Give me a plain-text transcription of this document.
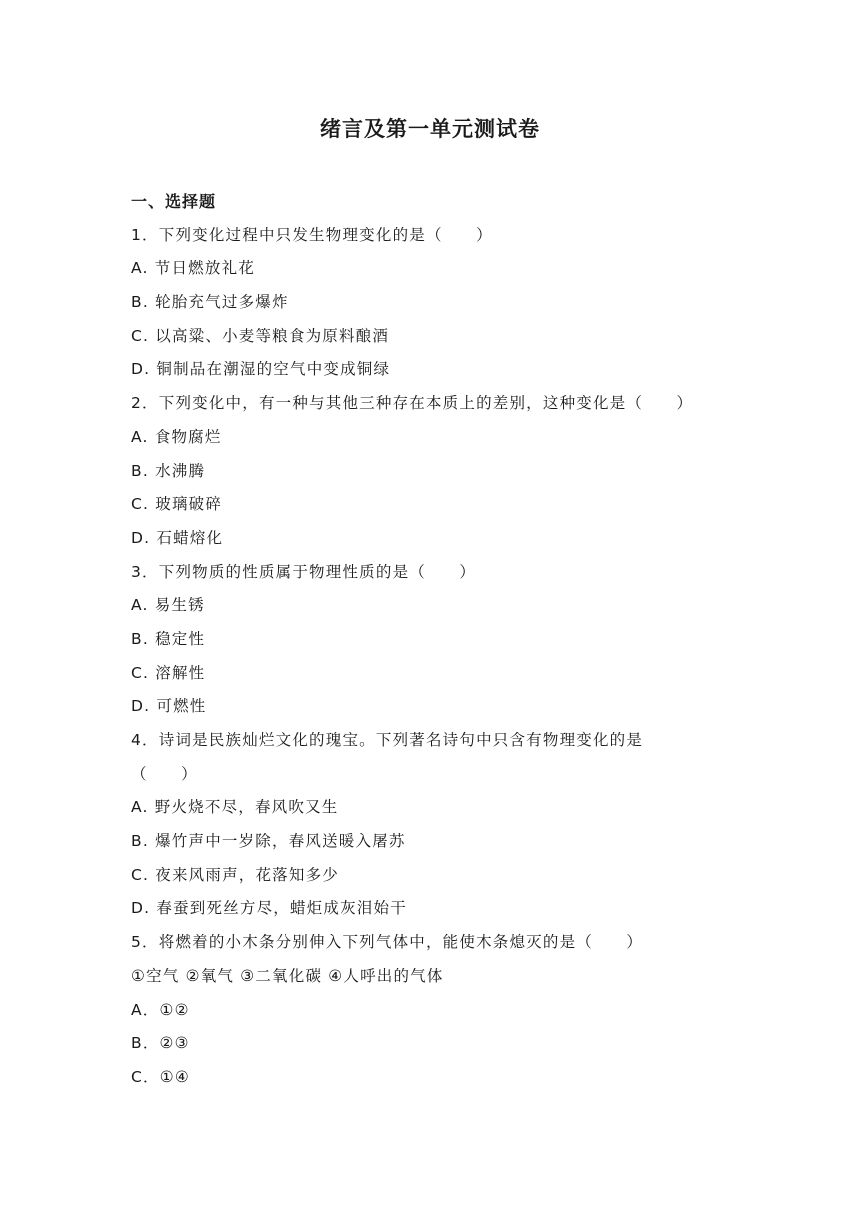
绪言及第一单元测试卷
一、选择题
1．下列变化过程中只发生物理变化的是（　　）
A. 节日燃放礼花
B. 轮胎充气过多爆炸
C. 以高粱、小麦等粮食为原料酿酒
D. 铜制品在潮湿的空气中变成铜绿
2．下列变化中，有一种与其他三种存在本质上的差别，这种变化是（　　）
A. 食物腐烂
B. 水沸腾
C. 玻璃破碎
D. 石蜡熔化
3．下列物质的性质属于物理性质的是（　　）
A. 易生锈
B. 稳定性
C. 溶解性
D. 可燃性
4．诗词是民族灿烂文化的瑰宝。下列著名诗句中只含有物理变化的是
（　　）
A. 野火烧不尽，春风吹又生
B. 爆竹声中一岁除，春风送暖入屠苏
C. 夜来风雨声，花落知多少
D. 春蚕到死丝方尽，蜡炬成灰泪始干
5．将燃着的小木条分别伸入下列气体中，能使木条熄灭的是（　　）
①空气 ②氧气 ③二氧化碳 ④人呼出的气体
A．①②
B．②③
C．①④
